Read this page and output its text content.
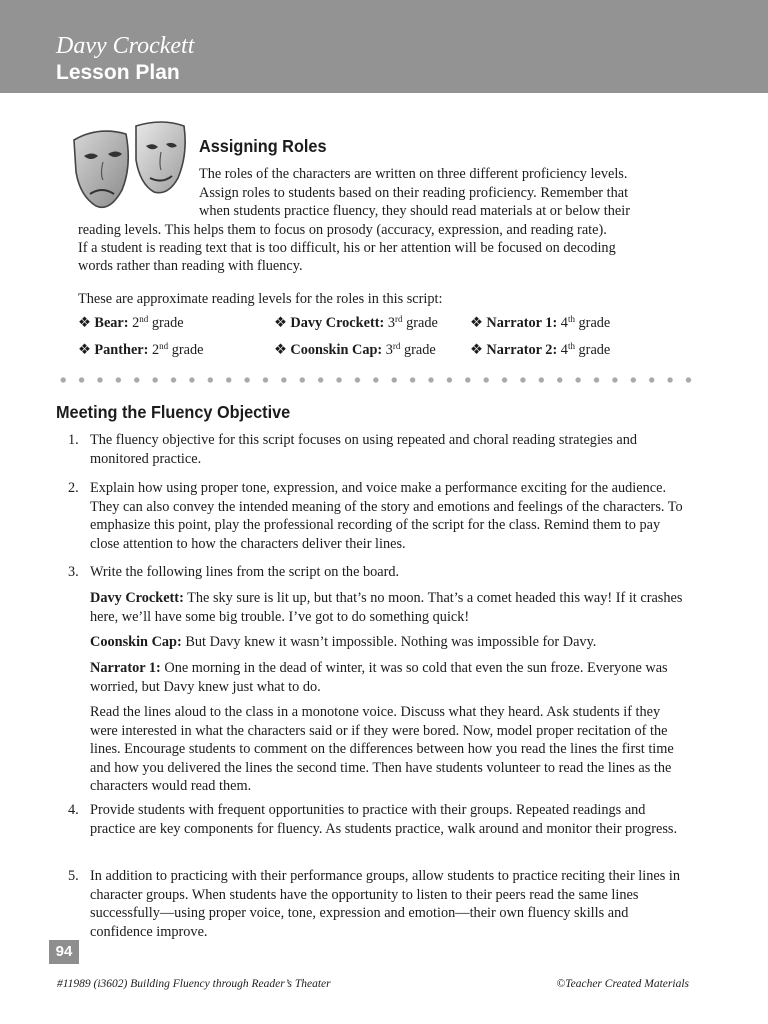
Davy Crockett
Lesson Plan
Assigning Roles
The roles of the characters are written on three different proficiency levels.
Assign roles to students based on their reading proficiency. Remember that
when students practice fluency, they should read materials at or below their
reading levels. This helps them to focus on prosody (accuracy, expression, and reading rate).
If a student is reading text that is too difficult, his or her attention will be focused on decoding
words rather than reading with fluency.
These are approximate reading levels for the roles in this script:
❖ Bear: 2nd grade	❖ Davy Crockett: 3rd grade ❖ Narrator 1: 4th grade
❖ Panther: 2nd grade	❖ Coonskin Cap: 3rd grade ❖ Narrator 2: 4th grade
Meeting the Fluency Objective
1. The fluency objective for this script focuses on using repeated and choral reading strategies and monitored practice.
2. Explain how using proper tone, expression, and voice make a performance exciting for the audience. They can also convey the intended meaning of the story and emotions and feelings of the characters. To emphasize this point, play the professional recording of the script for the class. Remind them to pay close attention to how the characters deliver their lines.
3. Write the following lines from the script on the board.
Davy Crockett: The sky sure is lit up, but that’s no moon. That’s a comet headed this way! If it crashes here, we’ll have some big trouble. I’ve got to do something quick!
Coonskin Cap: But Davy knew it wasn’t impossible. Nothing was impossible for Davy.
Narrator 1: One morning in the dead of winter, it was so cold that even the sun froze. Everyone was worried, but Davy knew just what to do.
Read the lines aloud to the class in a monotone voice. Discuss what they heard. Ask students if they were interested in what the characters said or if they were bored. Now, model proper recitation of the lines. Encourage students to comment on the differences between how you read the lines the first time and how you delivered the lines the second time. Then have students volunteer to read the lines as the characters would read them.
4. Provide students with frequent opportunities to practice with their groups. Repeated readings and practice are key components for fluency. As students practice, walk around and monitor their progress.
5. In addition to practicing with their performance groups, allow students to practice reciting their lines in character groups. When students have the opportunity to listen to their peers read the same lines successfully—using proper voice, tone, expression and emotion—their own fluency skills and confidence improve.
94
#11989 (i3602) Building Fluency through Reader’s Theater	©Teacher Created Materials
